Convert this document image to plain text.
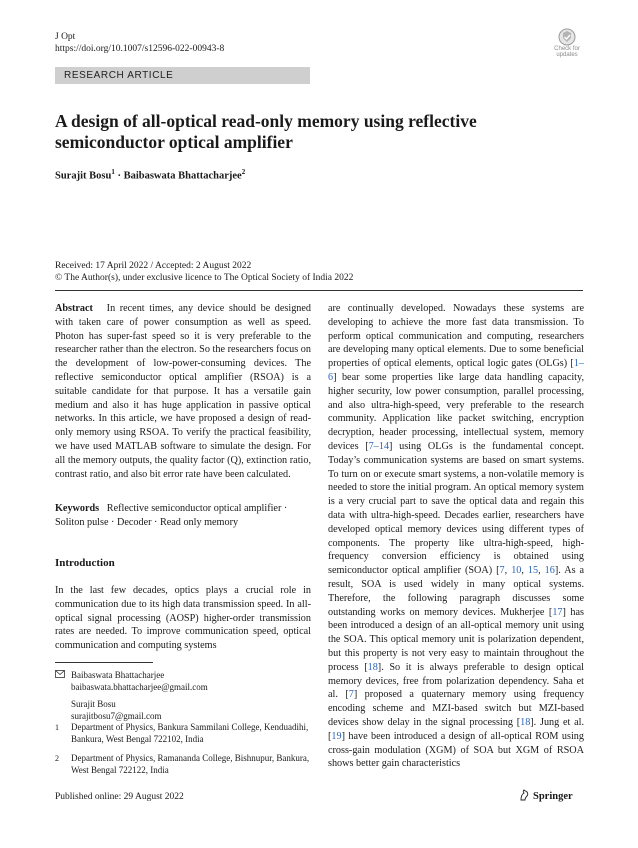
J Opt
https://doi.org/10.1007/s12596-022-00943-8	Check for
updates
RESEARCH ARTICLE
A design of all-optical read-only memory using reflective semiconductor optical amplifier
Surajit Bosu$^1$ · Baibaswata Bhattacharjee$^2$
Received: 17 April 2022 / Accepted: 2 August 2022
© The Author(s), under exclusive licence to The Optical Society of India 2022

Abstract In recent times, any device should be designed with taken care of power consumption as well as speed. Photon has super-fast speed so it is very preferable to the researcher rather than the electron. So the researchers focus on the development of low-power-consuming devices. The reflective semiconductor optical amplifier (RSOA) is a suitable candidate for that purpose. It has a versatile gain medium and also it has huge application in passive optical networks. In this article, we have proposed a design of read-only memory using RSOA. To verify the practical feasibility, we have used MATLAB software to simulate the design. For all the memory outputs, the quality factor (Q), extinction ratio, contrast ratio, and also bit error rate have been calculated.

Keywords Reflective semiconductor optical amplifier · Soliton pulse · Decoder · Read only memory

Introduction

In the last few decades, optics plays a crucial role in communication due to its high data transmission speed. In all-optical signal processing (AOSP) higher-order transmission rates are needed. To improve communication speed, optical communication and computing systems

Baibaswata Bhattacharjee
baibaswata.bhattacharjee@gmail.com
Surajit Bosu
surajitbosu7@gmail.com
1	Department of Physics, Bankura Sammilani College, Kenduadihi, Bankura, West Bengal 722102, India
2	Department of Physics, Ramananda College, Bishnupur, Bankura, West Bengal 722122, India

are continually developed. Nowadays these systems are developing to achieve the more fast data transmission. To perform optical communication and computing, researchers are developing many optical elements. Due to some beneficial properties of optical elements, optical logic gates (OLGs) [1–6] bear some properties like large data handling capacity, higher security, low power consumption, parallel processing, and also ultra-high-speed, very preferable to the research community. Application like packet switching, encryption decryption, header processing, intellectual system, memory devices [7–14] using OLGs is the fundamental concept. Today’s communication systems are based on smart systems. To turn on or execute smart systems, a non-volatile memory is needed to store the initial program. An optical memory system is a very crucial part to save the optical data and regain this data with ultra-high-speed. Decades earlier, researchers have developed optical memory devices using different types of components. The property like ultra-high-speed, high-frequency conversion efficiency is obtained using semiconductor optical amplifier (SOA) [7, 10, 15, 16]. As a result, SOA is used widely in many optical systems. Therefore, the following paragraph discusses some outstanding works on memory devices. Mukherjee [17] has been introduced a design of an all-optical memory unit using the SOA. This optical memory unit is polarization dependent, but this property is not very easy to maintain throughout the process [18]. So it is always preferable to design optical memory devices, free from polarization dependency. Saha et al. [7] proposed a quaternary memory using frequency encoding scheme and MZI-based switch but MZI-based devices show delay in the signal processing [18]. Jung et al. [19] have been introduced a design of all-optical ROM using cross-gain modulation (XGM) of SOA but XGM of RSOA shows better gain characteristics

Published online: 29 August 2022	Springer
